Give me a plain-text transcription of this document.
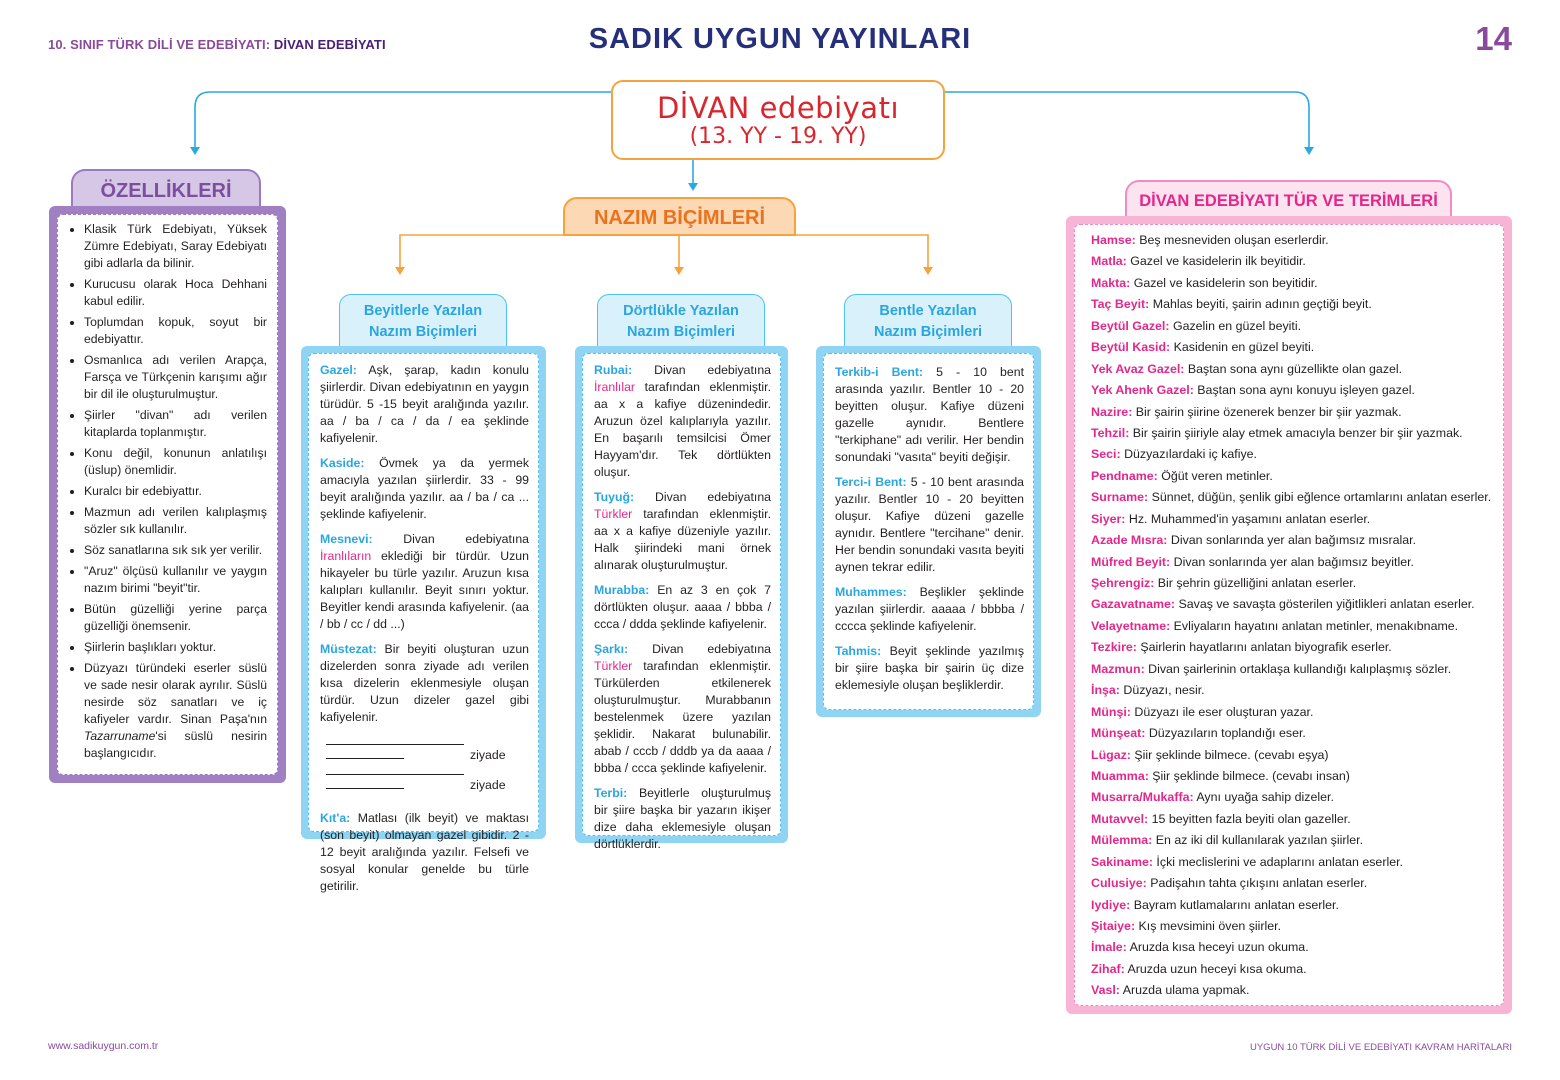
10. SINIF TÜRK DİLİ VE EDEBİYATI: DİVAN EDEBİYATI	SADIK UYGUN YAYINLARI	14
DİVAN edebiyatı
(13. YY - 19. YY)
ÖZELLİKLERİ
• Klasik Türk Edebiyatı, Yüksek Zümre Edebiyatı, Saray Edebiyatı gibi adlarla da bilinir.
• Kurucusu olarak Hoca Dehhani kabul edilir.
• Toplumdan kopuk, soyut bir edebiyattır.
• Osmanlıca adı verilen Arapça, Farsça ve Türkçenin karışımı ağır bir dil ile oluşturulmuştur.
• Şiirler "divan" adı verilen kitaplarda toplanmıştır.
• Konu değil, konunun anlatılışı (üslup) önemlidir.
• Kuralcı bir edebiyattır.
• Mazmun adı verilen kalıplaşmış sözler sık kullanılır.
• Söz sanatlarına sık sık yer verilir.
• "Aruz" ölçüsü kullanılır ve yaygın nazım birimi "beyit"tir.
• Bütün güzelliği yerine parça güzelliği önemsenir.
• Şiirlerin başlıkları yoktur.
• Düzyazı türündeki eserler süslü ve sade nesir olarak ayrılır. Süslü nesirde söz sanatları ve iç kafiyeler vardır. Sinan Paşa'nın Tazarruname'si süslü nesirin başlangıcıdır.
NAZIM BİÇİMLERİ
Beyitlerle Yazılan
Nazım Biçimleri

Gazel: Aşk, şarap, kadın konulu şiirlerdir. Divan edebiyatının en yaygın türüdür. 5 -15 beyit aralığında yazılır. aa / ba / ca / da / ea şeklinde kafiyelenir.

Kaside: Övmek ya da yermek amacıyla yazılan şiirlerdir. 33 - 99 beyit aralığında yazılır. aa / ba / ca ... şeklinde kafiyelenir.

Mesnevi: Divan edebiyatına İranlıların eklediği bir türdür. Uzun hikayeler bu türle yazılır. Aruzun kısa kalıpları kullanılır. Beyit sınırı yoktur. Beyitler kendi arasında kafiyelenir. (aa / bb / cc / dd ...)

Müstezat: Bir beyiti oluşturan uzun dizelerden sonra ziyade adı verilen kısa dizelerin eklenmesiyle oluşan türdür. Uzun dizeler gazel gibi kafiyelenir.

ziyade
ziyade

Kıt'a: Matlası (ilk beyit) ve maktası (son beyit) olmayan gazel gibidir. 2 - 12 beyit aralığında yazılır. Felsefi ve sosyal konular genelde bu türle getirilir.

Dörtlükle Yazılan
Nazım Biçimleri

Rubai: Divan edebiyatına İranlılar tarafından eklenmiştir. aa x a kafiye düzenindedir. Aruzun özel kalıplarıyla yazılır. En başarılı temsilcisi Ömer Hayyam'dır. Tek dörtlükten oluşur.

Tuyuğ: Divan edebiyatına Türkler tarafından eklenmiştir. aa x a kafiye düzeniyle yazılır. Halk şiirindeki mani örnek alınarak oluşturulmuştur.

Murabba: En az 3 en çok 7 dörtlükten oluşur. aaaa / bbba / ccca / ddda şeklinde kafiyelenir.

Şarkı: Divan edebiyatına Türkler tarafından eklenmiştir. Türkülerden etkilenerek oluşturulmuştur. Murabbanın bestelenmek üzere yazılan şeklidir. Nakarat bulunabilir. abab / cccb / dddb ya da aaaa / bbba / ccca şeklinde kafiyelenir.

Terbi: Beyitlerle oluşturulmuş bir şiire başka bir yazarın ikişer dize daha eklemesiyle oluşan dörtlüklerdir.

Bentle Yazılan
Nazım Biçimleri

Terkib-i Bent: 5 - 10 bent arasında yazılır. Bentler 10 - 20 beyitten oluşur. Kafiye düzeni gazelle aynıdır. Bentlere "terkiphane" adı verilir. Her bendin sonundaki "vasıta" beyiti değişir.

Terci-i Bent: 5 - 10 bent arasında yazılır. Bentler 10 - 20 beyitten oluşur. Kafiye düzeni gazelle aynıdır. Bentlere "tercihane" denir. Her bendin sonundaki vasıta beyiti aynen tekrar edilir.

Muhammes: Beşlikler şeklinde yazılan şiirlerdir. aaaaa / bbbba / cccca şeklinde kafiyelenir.

Tahmis: Beyit şeklinde yazılmış bir şiire başka bir şairin üç dize eklemesiyle oluşan beşliklerdir.

DİVAN EDEBİYATI TÜR VE TERİMLERİ
Hamse: Beş mesneviden oluşan eserlerdir.
Matla: Gazel ve kasidelerin ilk beyitidir.
Makta: Gazel ve kasidelerin son beyitidir.
Taç Beyit: Mahlas beyiti, şairin adının geçtiği beyit.
Beytül Gazel: Gazelin en güzel beyiti.
Beytül Kasid: Kasidenin en güzel beyiti.
Yek Avaz Gazel: Baştan sona aynı güzellikte olan gazel.
Yek Ahenk Gazel: Baştan sona aynı konuyu işleyen gazel.
Nazire: Bir şairin şiirine özenerek benzer bir şiir yazmak.
Tehzil: Bir şairin şiiriyle alay etmek amacıyla benzer bir şiir yazmak.
Seci: Düzyazılardaki iç kafiye.
Pendname: Öğüt veren metinler.
Surname: Sünnet, düğün, şenlik gibi eğlence ortamlarını anlatan eserler.
Siyer: Hz. Muhammed'in yaşamını anlatan eserler.
Azade Mısra: Divan sonlarında yer alan bağımsız mısralar.
Müfred Beyit: Divan sonlarında yer alan bağımsız beyitler.
Şehrengiz: Bir şehrin güzelliğini anlatan eserler.
Gazavatname: Savaş ve savaşta gösterilen yiğitlikleri anlatan eserler.
Velayetname: Evliyaların hayatını anlatan metinler, menakıbname.
Tezkire: Şairlerin hayatlarını anlatan biyografik eserler.
Mazmun: Divan şairlerinin ortaklaşa kullandığı kalıplaşmış sözler.
İnşa: Düzyazı, nesir.
Münşi: Düzyazı ile eser oluşturan yazar.
Münşeat: Düzyazıların toplandığı eser.
Lügaz: Şiir şeklinde bilmece. (cevabı eşya)
Muamma: Şiir şeklinde bilmece. (cevabı insan)
Musarra/Mukaffa: Aynı uyağa sahip dizeler.
Mutavvel: 15 beyitten fazla beyiti olan gazeller.
Mülemma: En az iki dil kullanılarak yazılan şiirler.
Sakiname: İçki meclislerini ve adaplarını anlatan eserler.
Culusiye: Padişahın tahta çıkışını anlatan eserler.
Iydiye: Bayram kutlamalarını anlatan eserler.
Şitaiye: Kış mevsimini öven şiirler.
İmale: Aruzda kısa heceyi uzun okuma.
Zihaf: Aruzda uzun heceyi kısa okuma.
Vasl: Aruzda ulama yapmak.
www.sadikuygun.com.tr	UYGUN 10 TÜRK DİLİ VE EDEBİYATI KAVRAM HARİTALARI
